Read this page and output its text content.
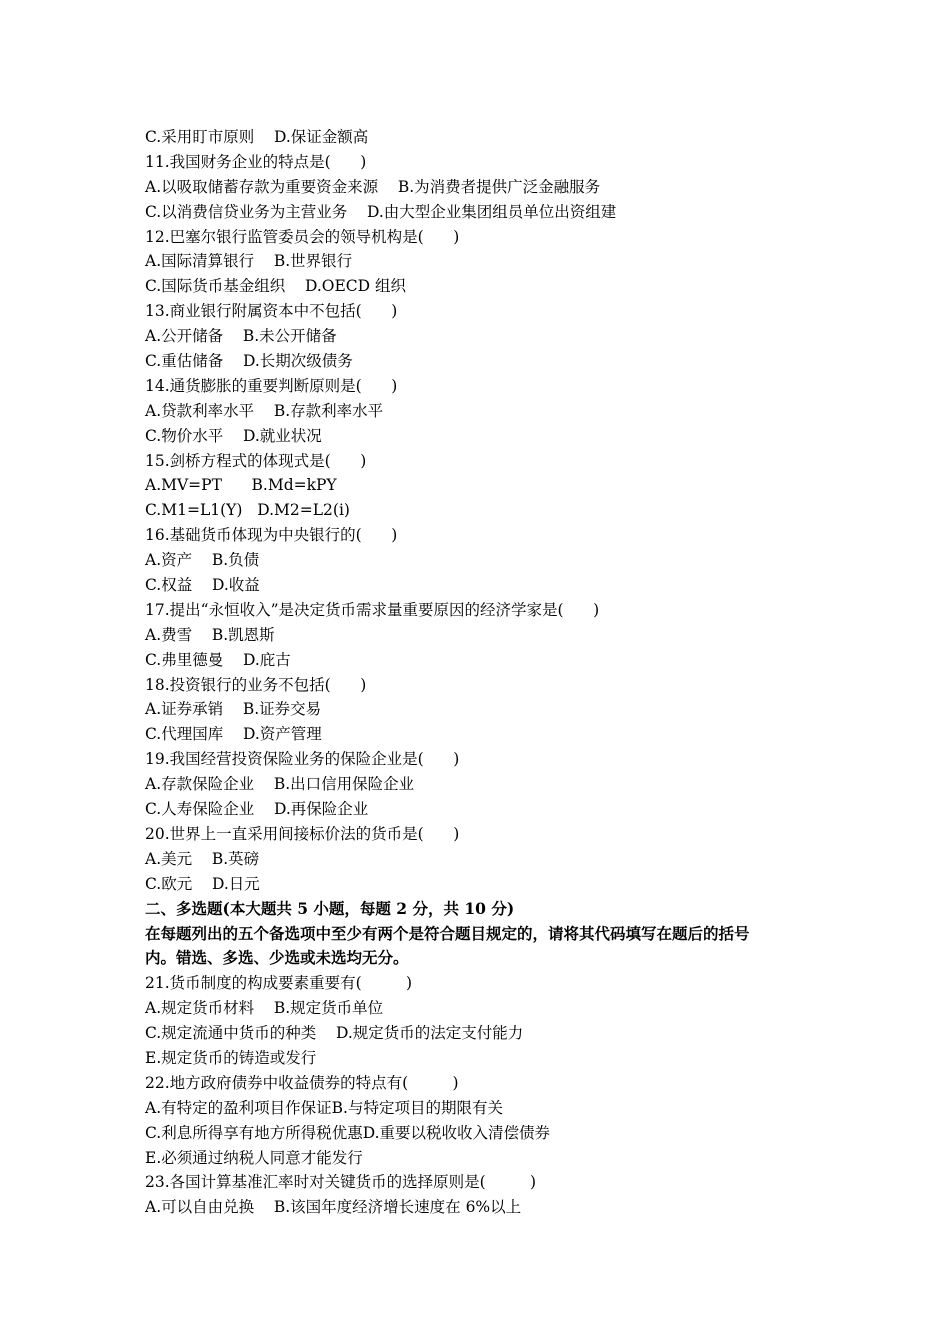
C.采用盯市原则    D.保证金额高
11.我国财务企业的特点是(      )
A.以吸取储蓄存款为重要资金来源    B.为消费者提供广泛金融服务
C.以消费信贷业务为主营业务    D.由大型企业集团组员单位出资组建
12.巴塞尔银行监管委员会的领导机构是(      )
A.国际清算银行    B.世界银行
C.国际货币基金组织    D.OECD 组织
13.商业银行附属资本中不包括(      )
A.公开储备    B.未公开储备
C.重估储备    D.长期次级债务
14.通货膨胀的重要判断原则是(      )
A.贷款利率水平    B.存款利率水平
C.物价水平    D.就业状况
15.剑桥方程式的体现式是(      )
A.MV=PT      B.Md=kPY
C.M1=L1(Y)   D.M2=L2(i)
16.基础货币体现为中央银行的(      )
A.资产    B.负债
C.权益    D.收益
17.提出“永恒收入”是决定货币需求量重要原因的经济学家是(      )
A.费雪    B.凯恩斯
C.弗里德曼    D.庇古
18.投资银行的业务不包括(      )
A.证券承销    B.证券交易
C.代理国库    D.资产管理
19.我国经营投资保险业务的保险企业是(      )
A.存款保险企业    B.出口信用保险企业
C.人寿保险企业    D.再保险企业
20.世界上一直采用间接标价法的货币是(      )
A.美元    B.英磅
C.欧元    D.日元
二、多选题(本大题共 5 小题，每题 2 分，共 10 分)
在每题列出的五个备选项中至少有两个是符合题目规定的，请将其代码填写在题后的括号
内。错选、多选、少选或未选均无分。
21.货币制度的构成要素重要有(         )
A.规定货币材料    B.规定货币单位
C.规定流通中货币的种类    D.规定货币的法定支付能力
E.规定货币的铸造或发行
22.地方政府债券中收益债券的特点有(         )
A.有特定的盈利项目作保证B.与特定项目的期限有关
C.利息所得享有地方所得税优惠D.重要以税收收入清偿债券
E.必须通过纳税人同意才能发行
23.各国计算基准汇率时对关键货币的选择原则是(         )
A.可以自由兑换    B.该国年度经济增长速度在 6%以上
